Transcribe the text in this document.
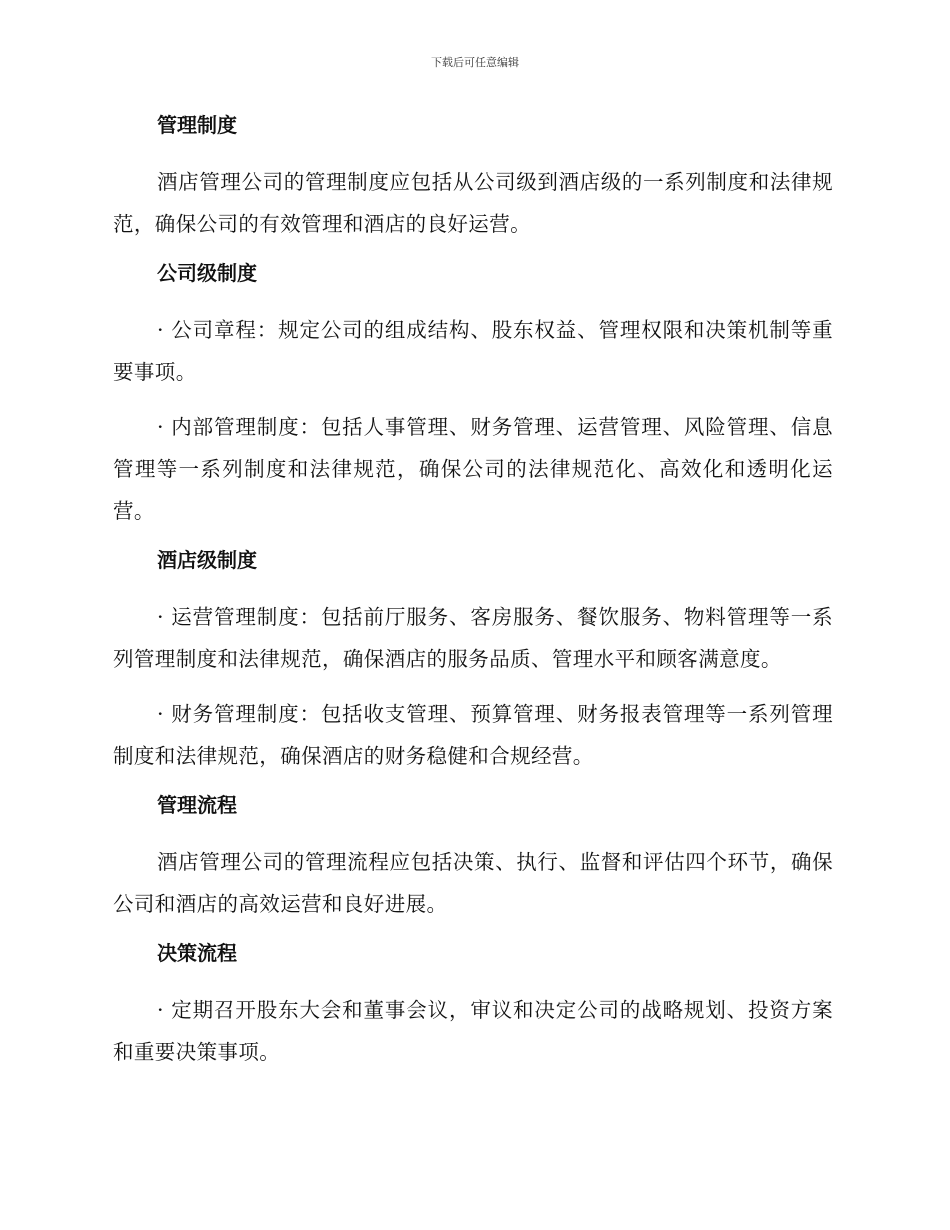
下载后可任意编辑
管理制度

酒店管理公司的管理制度应包括从公司级到酒店级的一系列制度和法律规范，确保公司的有效管理和酒店的良好运营。

公司级制度

· 公司章程：规定公司的组成结构、股东权益、管理权限和决策机制等重要事项。

· 内部管理制度：包括人事管理、财务管理、运营管理、风险管理、信息管理等一系列制度和法律规范，确保公司的法律规范化、高效化和透明化运营。

酒店级制度

· 运营管理制度：包括前厅服务、客房服务、餐饮服务、物料管理等一系列管理制度和法律规范，确保酒店的服务品质、管理水平和顾客满意度。

· 财务管理制度：包括收支管理、预算管理、财务报表管理等一系列管理制度和法律规范，确保酒店的财务稳健和合规经营。

管理流程

酒店管理公司的管理流程应包括决策、执行、监督和评估四个环节，确保公司和酒店的高效运营和良好进展。

决策流程

· 定期召开股东大会和董事会议，审议和决定公司的战略规划、投资方案和重要决策事项。
